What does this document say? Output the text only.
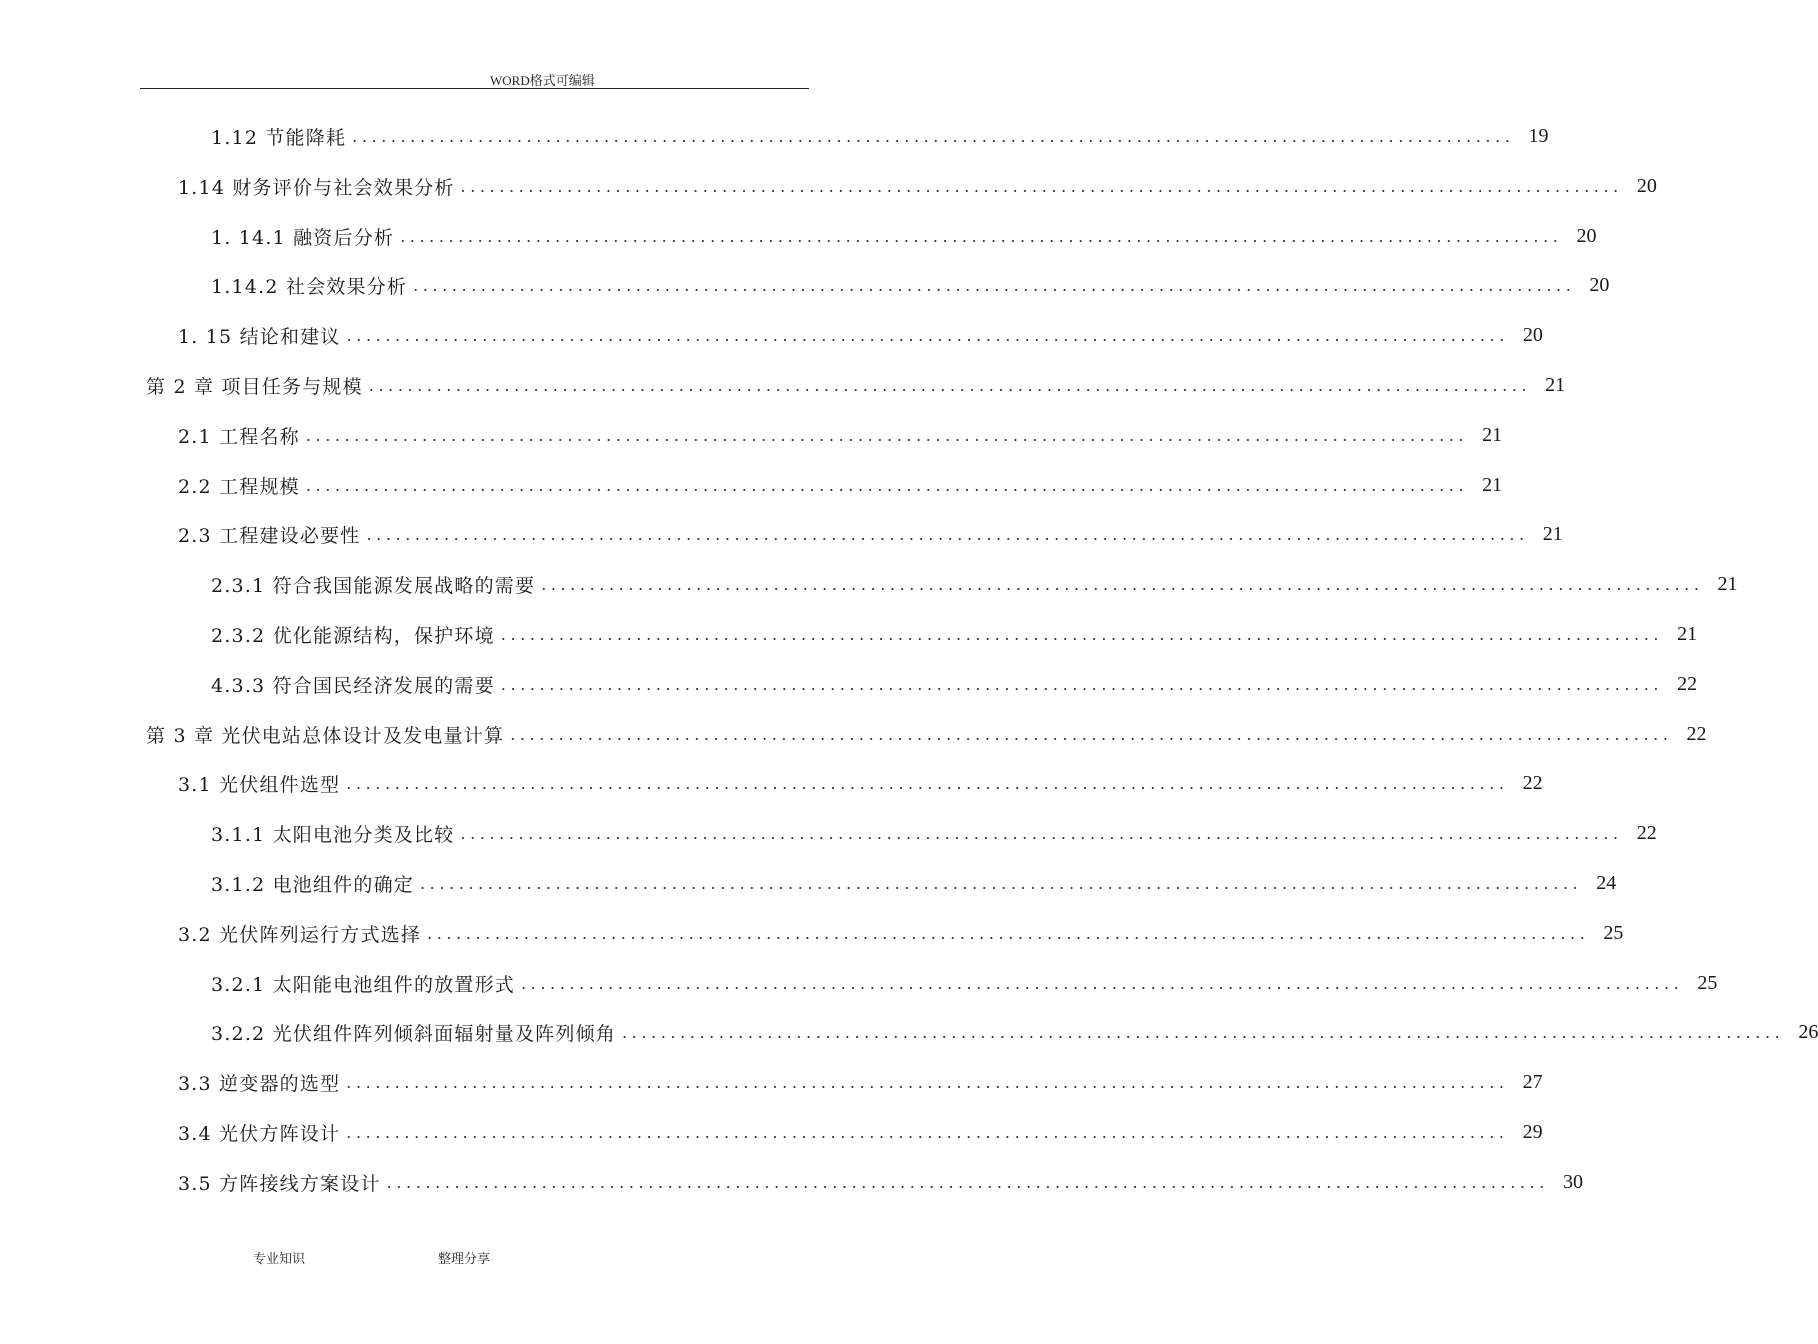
WORD格式可编辑
1.12 节能降耗 ........................................................................................................................ 19
1.14 财务评价与社会效果分析 ........................................................................................................................ 20
1. 14.1 融资后分析 ........................................................................................................................ 20
1.14.2 社会效果分析 ........................................................................................................................ 20
1. 15 结论和建议 ........................................................................................................................ 20
第 2 章 项目任务与规模 ........................................................................................................................ 21
2.1 工程名称 ........................................................................................................................ 21
2.2 工程规模 ........................................................................................................................ 21
2.3 工程建设必要性 ........................................................................................................................ 21
2.3.1 符合我国能源发展战略的需要 ........................................................................................................................ 21
2.3.2 优化能源结构，保护环境 ........................................................................................................................ 21
4.3.3 符合国民经济发展的需要 ........................................................................................................................ 22
第 3 章 光伏电站总体设计及发电量计算 ........................................................................................................................ 22
3.1 光伏组件选型 ........................................................................................................................ 22
3.1.1 太阳电池分类及比较 ........................................................................................................................ 22
3.1.2 电池组件的确定 ........................................................................................................................ 24
3.2 光伏阵列运行方式选择 ........................................................................................................................ 25
3.2.1 太阳能电池组件的放置形式 ........................................................................................................................ 25
3.2.2 光伏组件阵列倾斜面辐射量及阵列倾角 ........................................................................................................................ 26
3.3 逆变器的选型 ........................................................................................................................ 27
3.4 光伏方阵设计 ........................................................................................................................ 29
3.5 方阵接线方案设计 ........................................................................................................................ 30
专业知识	整理分享
